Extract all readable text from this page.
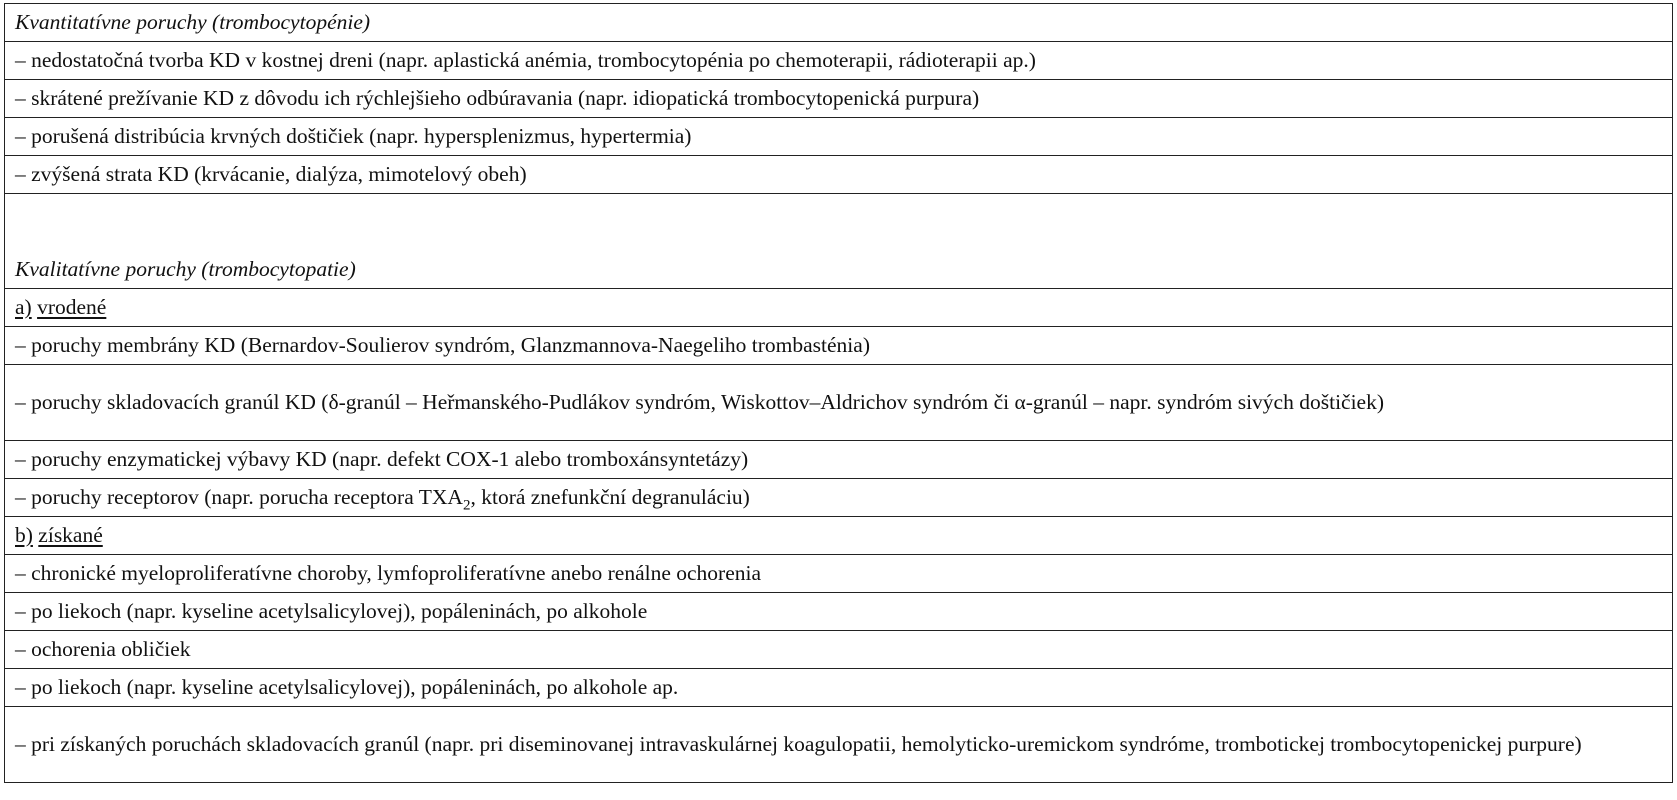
Kvantitatívne poruchy (trombocytopénie)
– nedostatočná tvorba KD v kostnej dreni (napr. aplastická anémia, trombocytopénia po chemoterapii, rádioterapii ap.)
– skrátené prežívanie KD z dôvodu ich rýchlejšieho odbúravania (napr. idiopatická trombocytopenická purpura)
– porušená distribúcia krvných doštičiek (napr. hypersplenizmus, hypertermia)
– zvýšená strata KD (krvácanie, dialýza, mimotelový obeh)
Kvalitatívne poruchy (trombocytopatie)
a) vrodené
– poruchy membrány KD (Bernardov-Soulierov syndróm, Glanzmannova-Naegeliho trombasténia)
– poruchy skladovacích granúl KD (δ-granúl – Heřmanského-Pudlákov syndróm, Wiskottov–Aldrichov syndróm či α-granúl – napr. syndróm sivých doštičiek)
– poruchy enzymatickej výbavy KD (napr. defekt COX-1 alebo tromboxánsyntetázy)
– poruchy receptorov (napr. porucha receptora $TXA_2$, ktorá znefunkční degranuláciu)
b) získané
– chronické myeloproliferatívne choroby, lymfoproliferatívne anebo renálne ochorenia
– po liekoch (napr. kyseline acetylsalicylovej), popáleninách, po alkohole
– ochorenia obličiek
– po liekoch (napr. kyseline acetylsalicylovej), popáleninách, po alkohole ap.
– pri získaných poruchách skladovacích granúl (napr. pri diseminovanej intravaskulárnej koagulopatii, hemolyticko-uremickom syndróme, trombotickej trombocytopenickej purpure)
